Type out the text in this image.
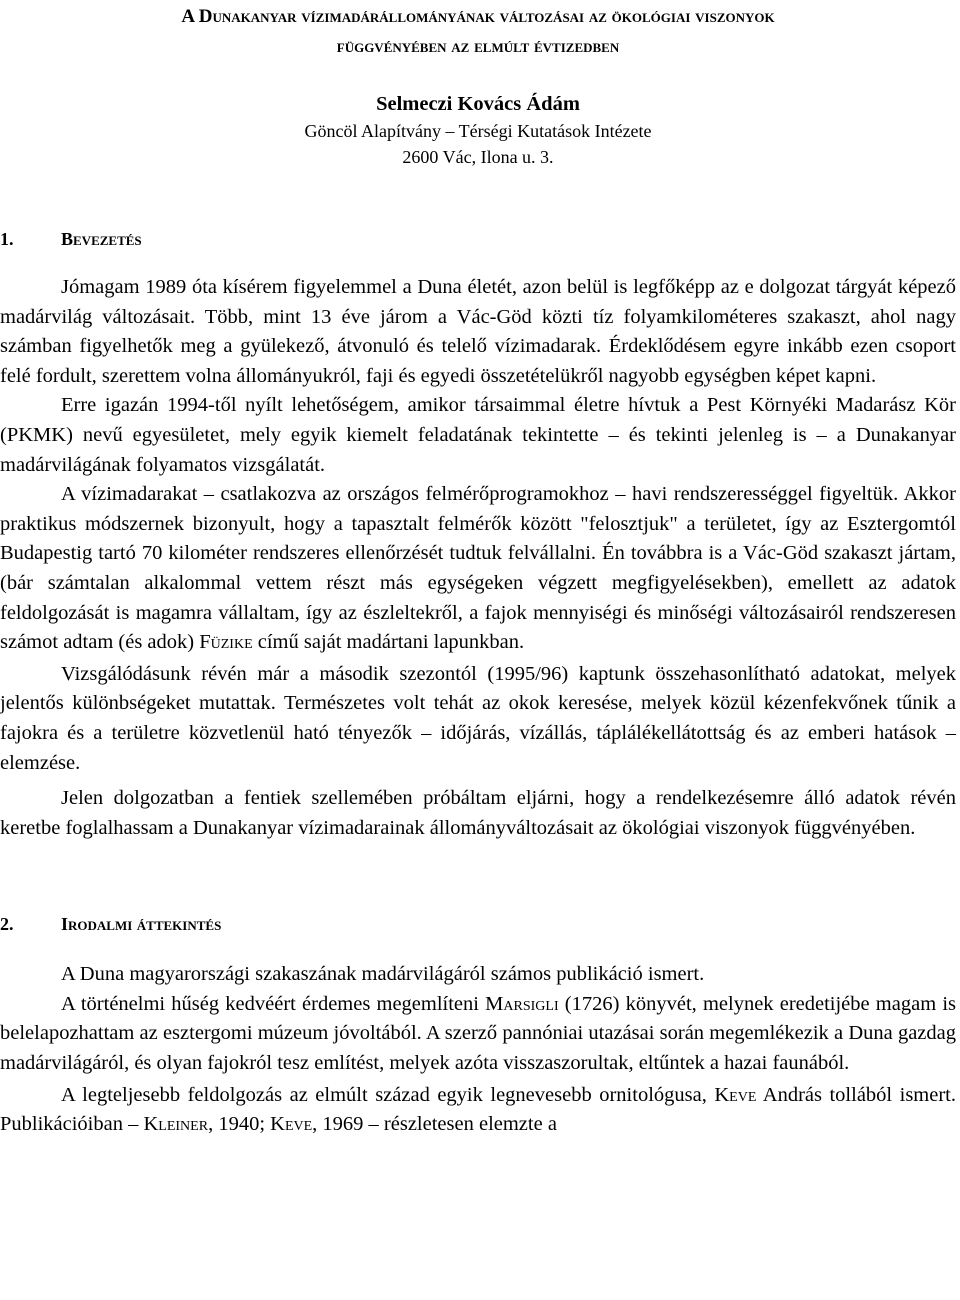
A Dunakanyar vízimadárállományának változásai az ökológiai viszonyok
függvényében az elmúlt évtizedben
Selmeczi Kovács Ádám
Göncöl Alapítvány – Térségi Kutatások Intézete
2600 Vác, Ilona u. 3.
1.	Bevezetés

Jómagam 1989 óta kísérem figyelemmel a Duna életét, azon belül is legfőképp az e dolgozat tárgyát képező madárvilág változásait. Több, mint 13 éve járom a Vác-Göd közti tíz folyamkilométeres szakaszt, ahol nagy számban figyelhetők meg a gyülekező, átvonuló és telelő vízimadarak. Érdeklődésem egyre inkább ezen csoport felé fordult, szerettem volna állományukról, faji és egyedi összetételükről nagyobb egységben képet kapni.

Erre igazán 1994-től nyílt lehetőségem, amikor társaimmal életre hívtuk a Pest Környéki Madarász Kör (PKMK) nevű egyesületet, mely egyik kiemelt feladatának tekintette – és tekinti jelenleg is – a Dunakanyar madárvilágának folyamatos vizsgálatát.

A vízimadarakat – csatlakozva az országos felmérőprogramokhoz – havi rendszerességgel figyeltük. Akkor praktikus módszernek bizonyult, hogy a tapasztalt felmérők között "felosztjuk" a területet, így az Esztergomtól Budapestig tartó 70 kilométer rendszeres ellenőrzését tudtuk felvállalni. Én továbbra is a Vác-Göd szakaszt jártam, (bár számtalan alkalommal vettem részt más egységeken végzett megfigyelésekben), emellett az adatok feldolgozását is magamra vállaltam, így az észleltekről, a fajok mennyiségi és minőségi változásairól rendszeresen számot adtam (és adok) Füzike című saját madártani lapunkban.

Vizsgálódásunk révén már a második szezontól (1995/96) kaptunk összehasonlítható adatokat, melyek jelentős különbségeket mutattak. Természetes volt tehát az okok keresése, melyek közül kézenfekvőnek tűnik a fajokra és a területre közvetlenül ható tényezők – időjárás, vízállás, táplálékellátottság és az emberi hatások – elemzése.

Jelen dolgozatban a fentiek szellemében próbáltam eljárni, hogy a rendelkezésemre álló adatok révén keretbe foglalhassam a Dunakanyar vízimadarainak állományváltozásait az ökológiai viszonyok függvényében.

2.	Irodalmi áttekintés

A Duna magyarországi szakaszának madárvilágáról számos publikáció ismert.

A történelmi hűség kedvéért érdemes megemlíteni Marsigli (1726) könyvét, melynek eredetijébe magam is belelapozhattam az esztergomi múzeum jóvoltából. A szerző pannóniai utazásai során megemlékezik a Duna gazdag madárvilágáról, és olyan fajokról tesz említést, melyek azóta visszaszorultak, eltűntek a hazai faunából.

A legteljesebb feldolgozás az elmúlt század egyik legnevesebb ornitológusa, Keve András tollából ismert. Publikációiban – Kleiner, 1940; Keve, 1969 – részletesen elemzte a
